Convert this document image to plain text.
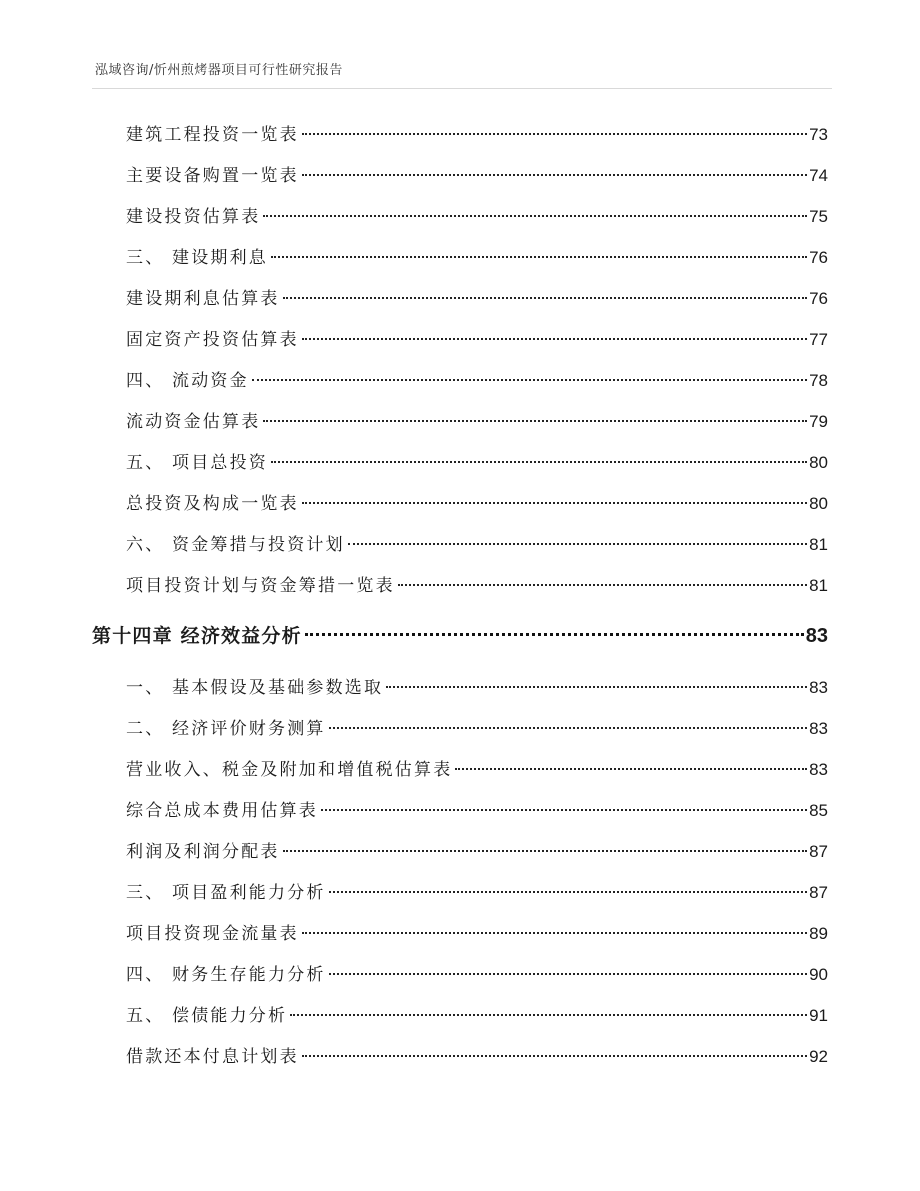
泓域咨询/忻州煎烤器项目可行性研究报告
建筑工程投资一览表	73
主要设备购置一览表	74
建设投资估算表	75
三、 建设期利息	76
建设期利息估算表	76
固定资产投资估算表	77
四、 流动资金	78
流动资金估算表	79
五、 项目总投资	80
总投资及构成一览表	80
六、 资金筹措与投资计划	81
项目投资计划与资金筹措一览表	81
第十四章 经济效益分析	83
一、 基本假设及基础参数选取	83
二、 经济评价财务测算	83
营业收入、税金及附加和增值税估算表	83
综合总成本费用估算表	85
利润及利润分配表	87
三、 项目盈利能力分析	87
项目投资现金流量表	89
四、 财务生存能力分析	90
五、 偿债能力分析	91
借款还本付息计划表	92
